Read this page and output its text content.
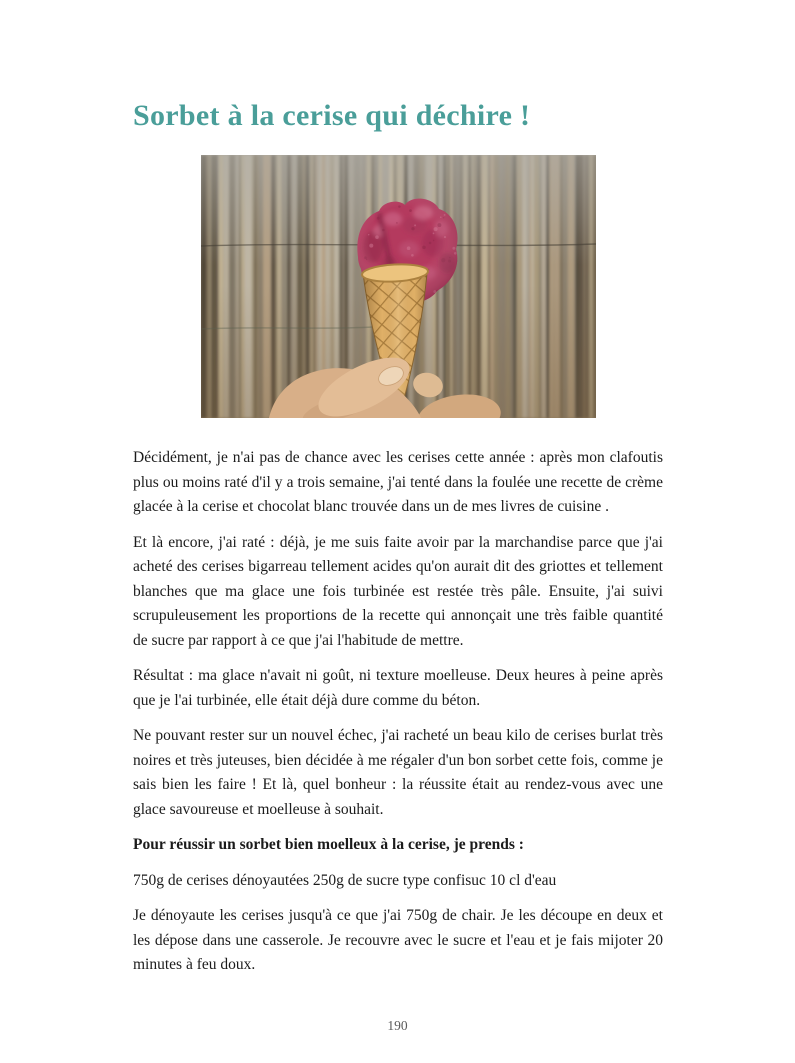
Sorbet à la cerise qui déchire !

Décidément, je n'ai pas de chance avec les cerises cette année : après mon clafoutis plus ou moins raté d'il y a trois semaine, j'ai tenté dans la foulée une recette de crème glacée à la cerise et chocolat blanc trouvée dans un de mes livres de cuisine .

Et là encore, j'ai raté : déjà, je me suis faite avoir par la marchandise parce que j'ai acheté des cerises bigarreau tellement acides qu'on aurait dit des griottes et tellement blanches que ma glace une fois turbinée est restée très pâle. Ensuite, j'ai suivi scrupuleusement les proportions de la recette qui annonçait une très faible quantité de sucre par rapport à ce que j'ai l'habitude de mettre.

Résultat : ma glace n'avait ni goût, ni texture moelleuse. Deux heures à peine après que je l'ai turbinée, elle était déjà dure comme du béton.

Ne pouvant rester sur un nouvel échec, j'ai racheté un beau kilo de cerises burlat très noires et très juteuses, bien décidée à me régaler d'un bon sorbet cette fois, comme je sais bien les faire ! Et là, quel bonheur : la réussite était au rendez-vous avec une glace savoureuse et moelleuse à souhait.

Pour réussir un sorbet bien moelleux à la cerise, je prends :

750g de cerises dénoyautées 250g de sucre type confisuc 10 cl d'eau

Je dénoyaute les cerises jusqu'à ce que j'ai 750g de chair. Je les découpe en deux et les dépose dans une casserole. Je recouvre avec le sucre et l'eau et je fais mijoter 20 minutes à feu doux.

190
